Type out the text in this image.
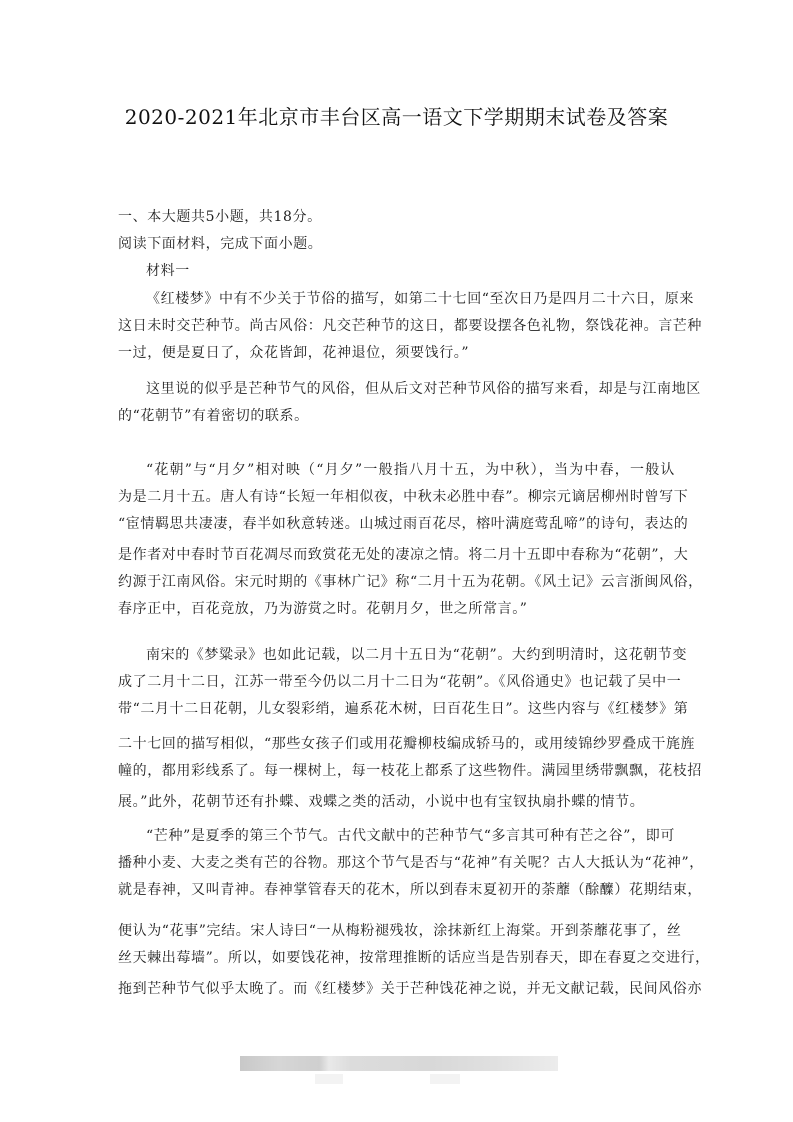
2020-2021年北京市丰台区高一语文下学期期末试卷及答案
一、本大题共5小题，共18分。
阅读下面材料，完成下面小题。
材料一
《红楼梦》中有不少关于节俗的描写，如第二十七回“至次日乃是四月二十六日，原来
这日未时交芒种节。尚古风俗：凡交芒种节的这日，都要设摆各色礼物，祭饯花神。言芒种
一过，便是夏日了，众花皆卸，花神退位，须要饯行。”
这里说的似乎是芒种节气的风俗，但从后文对芒种节风俗的描写来看，却是与江南地区
的“花朝节”有着密切的联系。
“花朝”与“月夕”相对映（“月夕”一般指八月十五，为中秋），当为中春，一般认
为是二月十五。唐人有诗“长短一年相似夜，中秋未必胜中春”。柳宗元谪居柳州时曾写下
“宦情羁思共凄凄，春半如秋意转迷。山城过雨百花尽，榕叶满庭莺乱啼”的诗句，表达的
是作者对中春时节百花凋尽而致赏花无处的凄凉之情。将二月十五即中春称为“花朝”，大
约源于江南风俗。宋元时期的《事林广记》称“二月十五为花朝。《风土记》云言浙闽风俗，
春序正中，百花竞放，乃为游赏之时。花朝月夕，世之所常言。”
南宋的《梦粱录》也如此记载，以二月十五日为“花朝”。大约到明清时，这花朝节变
成了二月十二日，江苏一带至今仍以二月十二日为“花朝”。《风俗通史》也记载了吴中一
带“二月十二日花朝，儿女裂彩绡，遍系花木树，曰百花生日”。这些内容与《红楼梦》第
二十七回的描写相似，“那些女孩子们或用花瓣柳枝编成轿马的，或用绫锦纱罗叠成干旄旌
幢的，都用彩线系了。每一棵树上，每一枝花上都系了这些物件。满园里绣带飘飘，花枝招
展。”此外，花朝节还有扑蝶、戏蝶之类的活动，小说中也有宝钗执扇扑蝶的情节。
“芒种”是夏季的第三个节气。古代文献中的芒种节气“多言其可种有芒之谷”，即可
播种小麦、大麦之类有芒的谷物。那这个节气是否与“花神”有关呢？古人大抵认为“花神”，
就是春神，又叫青神。春神掌管春天的花木，所以到春末夏初开的荼蘼（酴醾）花期结束，
便认为“花事”完结。宋人诗曰“一从梅粉褪残妆，涂抹新红上海棠。开到荼蘼花事了，丝
丝天棘出莓墙”。所以，如要饯花神，按常理推断的话应当是告别春天，即在春夏之交进行，
拖到芒种节气似乎太晚了。而《红楼梦》关于芒种饯花神之说，并无文献记载，民间风俗亦
